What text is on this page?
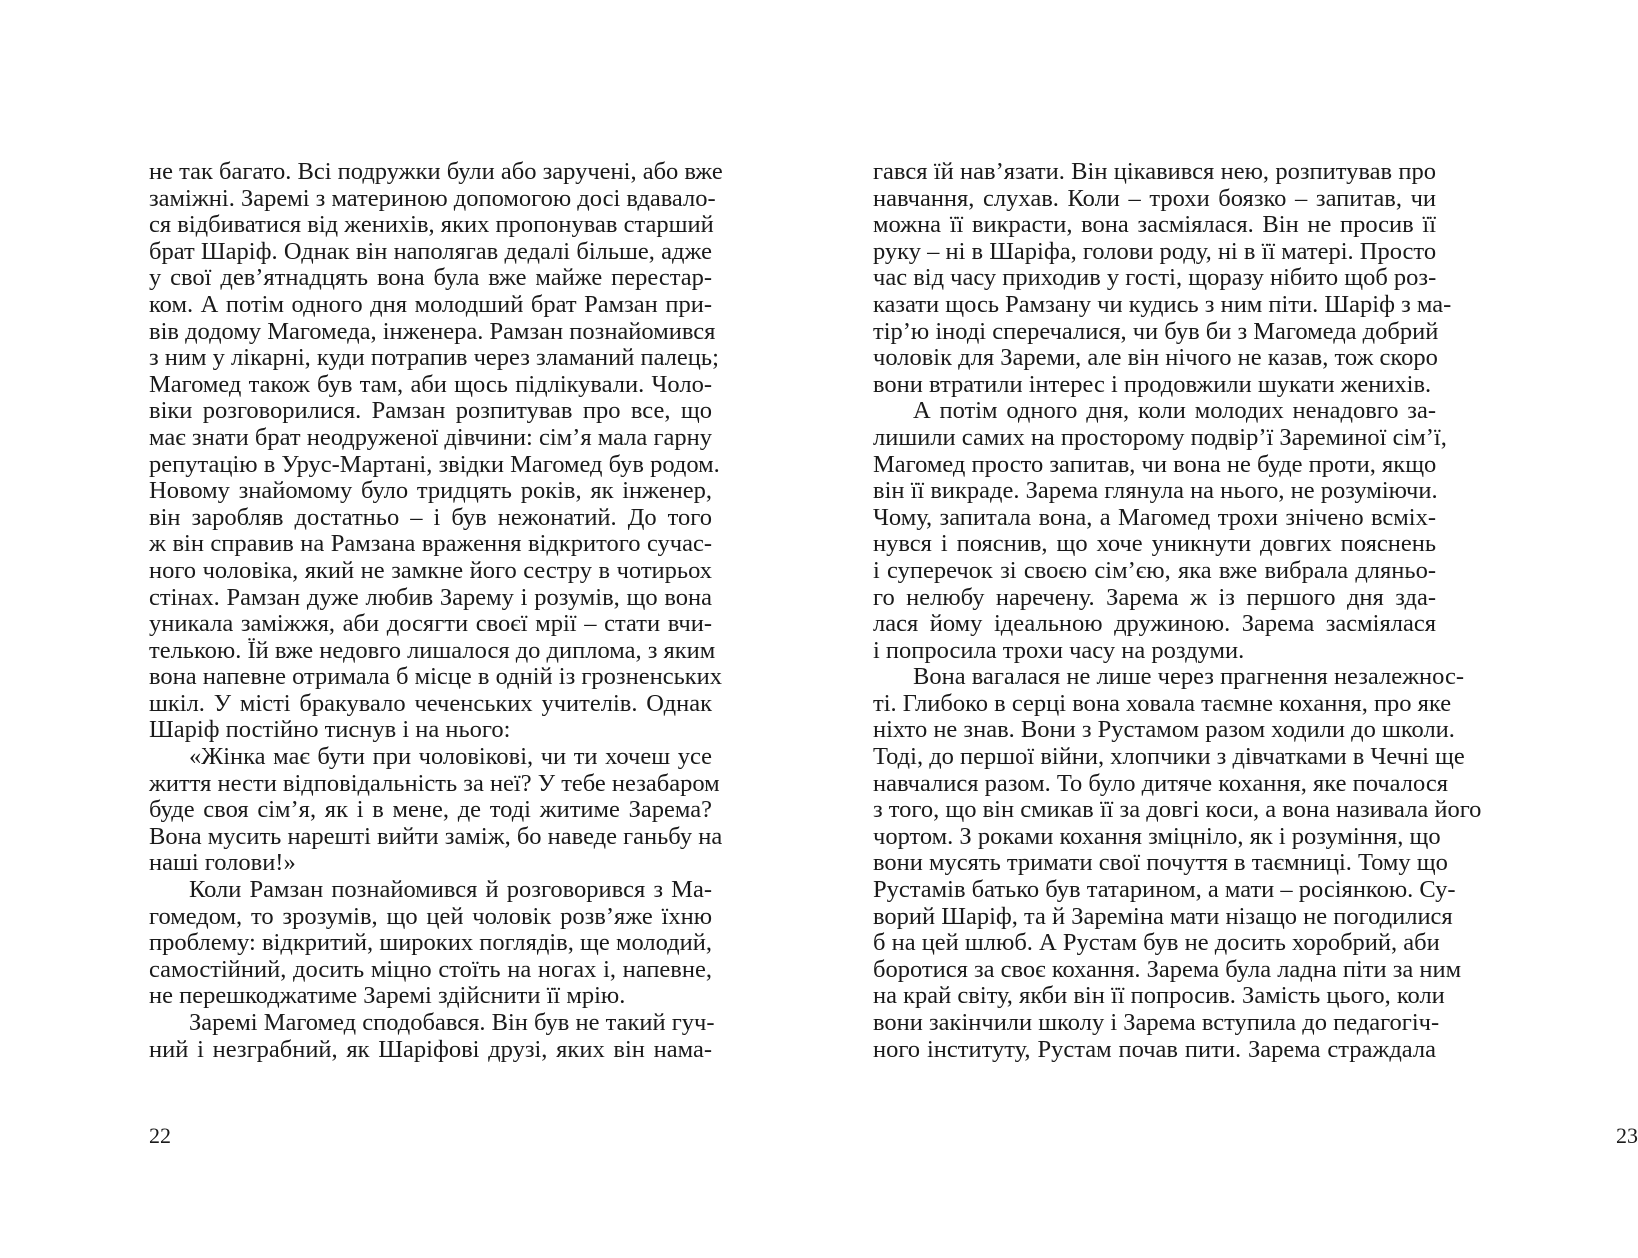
не так багато. Всі подружки були або заручені, або вже
заміжні. Заремі з материною допомогою досі вдавало-
ся відбиватися від женихів, яких пропонував старший
брат Шаріф. Однак він наполягав дедалі більше, адже
у свої дев’ятнадцять вона була вже майже перестар-
ком. А потім одного дня молодший брат Рамзан при-
вів додому Магомеда, інженера. Рамзан познайомився
з ним у лікарні, куди потрапив через зламаний палець;
Магомед також був там, аби щось підлікували. Чоло-
віки розговорилися. Рамзан розпитував про все, що
має знати брат неодруженої дівчини: сім’я мала гарну
репутацію в Урус-Мартані, звідки Магомед був родом.
Новому знайомому було тридцять років, як інженер,
він заробляв достатньо – і був нежонатий. До того
ж він справив на Рамзана враження відкритого сучас-
ного чоловіка, який не замкне його сестру в чотирьох
стінах. Рамзан дуже любив Зарему і розумів, що вона
уникала заміжжя, аби досягти своєї мрії – стати вчи-
телькою. Їй вже недовго лишалося до диплома, з яким
вона напевне отримала б місце в одній із грозненських
шкіл. У місті бракувало чеченських учителів. Однак
Шаріф постійно тиснув і на нього:
«Жінка має бути при чоловікові, чи ти хочеш усе
життя нести відповідальність за неї? У тебе незабаром
буде своя сім’я, як і в мене, де тоді житиме Зарема?
Вона мусить нарешті вийти заміж, бо наведе ганьбу на
наші голови!»
Коли Рамзан познайомився й розговорився з Ма-
гомедом, то зрозумів, що цей чоловік розв’яже їхню
проблему: відкритий, широких поглядів, ще молодий,
самостійний, досить міцно стоїть на ногах і, напевне,
не перешкоджатиме Заремі здійснити її мрію.
Заремі Магомед сподобався. Він був не такий гуч-
ний і незграбний, як Шаріфові друзі, яких він нама-
22
гався їй нав’язати. Він цікавився нею, розпитував про
навчання, слухав. Коли – трохи боязко – запитав, чи
можна її викрасти, вона засміялася. Він не просив її
руку – ні в Шаріфа, голови роду, ні в її матері. Просто
час від часу приходив у гості, щоразу нібито щоб роз-
казати щось Рамзану чи кудись з ним піти. Шаріф з ма-
тір’ю іноді сперечалися, чи був би з Магомеда добрий
чоловік для Зареми, але він нічого не казав, тож скоро
вони втратили інтерес і продовжили шукати женихів.
А потім одного дня, коли молодих ненадовго за-
лишили самих на просторому подвір’ї Зареминої сім’ї,
Магомед просто запитав, чи вона не буде проти, якщо
він її викраде. Зарема глянула на нього, не розуміючи.
Чому, запитала вона, а Магомед трохи знічено всміх-
нувся і пояснив, що хоче уникнути довгих пояснень
і суперечок зі своєю сім’єю, яка вже вибрала дляньо-
го нелюбу наречену. Зарема ж із першого дня зда-
лася йому ідеальною дружиною. Зарема засміялася
і попросила трохи часу на роздуми.
Вона вагалася не лише через прагнення незалежнос-
ті. Глибоко в серці вона ховала таємне кохання, про яке
ніхто не знав. Вони з Рустамом разом ходили до школи.
Тоді, до першої війни, хлопчики з дівчатками в Чечні ще
навчалися разом. То було дитяче кохання, яке почалося
з того, що він смикав її за довгі коси, а вона називала його
чортом. З роками кохання зміцніло, як і розуміння, що
вони мусять тримати свої почуття в таємниці. Тому що
Рустамів батько був татарином, а мати – росіянкою. Су-
ворий Шаріф, та й Зареміна мати нізащо не погодилися
б на цей шлюб. А Рустам був не досить хоробрий, аби
боротися за своє кохання. Зарема була ладна піти за ним
на край світу, якби він її попросив. Замість цього, коли
вони закінчили школу і Зарема вступила до педагогіч-
ного інституту, Рустам почав пити. Зарема страждала
23
